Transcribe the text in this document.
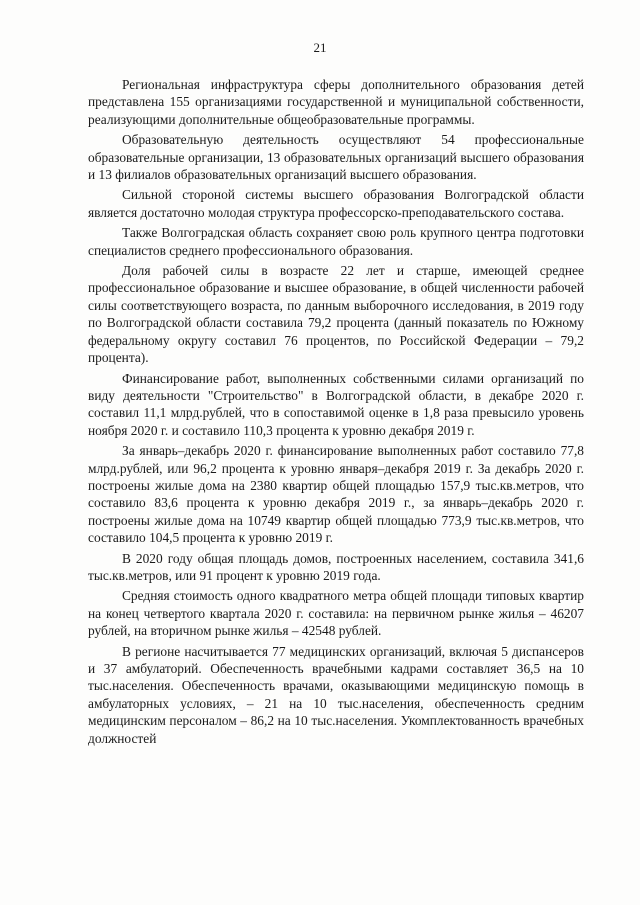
21

Региональная инфраструктура сферы дополнительного образования детей представлена 155 организациями государственной и муниципальной собственности, реализующими дополнительные общеобразовательные программы.

Образовательную деятельность осуществляют 54 профессиональные образовательные организации, 13 образовательных организаций высшего образования и 13 филиалов образовательных организаций высшего образования.

Сильной стороной системы высшего образования Волгоградской области является достаточно молодая структура профессорско-преподавательского состава.

Также Волгоградская область сохраняет свою роль крупного центра подготовки специалистов среднего профессионального образования.

Доля рабочей силы в возрасте 22 лет и старше, имеющей среднее профессиональное образование и высшее образование, в общей численности рабочей силы соответствующего возраста, по данным выборочного исследования, в 2019 году по Волгоградской области составила 79,2 процента (данный показатель по Южному федеральному округу составил 76 процентов, по Российской Федерации – 79,2 процента).

Финансирование работ, выполненных собственными силами организаций по виду деятельности "Строительство" в Волгоградской области, в декабре 2020 г. составил 11,1 млрд.рублей, что в сопоставимой оценке в 1,8 раза превысило уровень ноября 2020 г. и составило 110,3 процента к уровню декабря 2019 г.

За январь–декабрь 2020 г. финансирование выполненных работ составило 77,8 млрд.рублей, или 96,2 процента к уровню января–декабря 2019 г. За декабрь 2020 г. построены жилые дома на 2380 квартир общей площадью 157,9 тыс.кв.метров, что составило 83,6 процента к уровню декабря 2019 г., за январь–декабрь 2020 г. построены жилые дома на 10749 квартир общей площадью 773,9 тыс.кв.метров, что составило 104,5 процента к уровню 2019 г.

В 2020 году общая площадь домов, построенных населением, составила 341,6 тыс.кв.метров, или 91 процент к уровню 2019 года.

Средняя стоимость одного квадратного метра общей площади типовых квартир на конец четвертого квартала 2020 г. составила: на первичном рынке жилья – 46207 рублей, на вторичном рынке жилья – 42548 рублей.

В регионе насчитывается 77 медицинских организаций, включая 5 диспансеров и 37 амбулаторий. Обеспеченность врачебными кадрами составляет 36,5 на 10 тыс.населения. Обеспеченность врачами, оказывающими медицинскую помощь в амбулаторных условиях, – 21 на 10 тыс.населения, обеспеченность средним медицинским персоналом – 86,2 на 10 тыс.населения. Укомплектованность врачебных должностей
